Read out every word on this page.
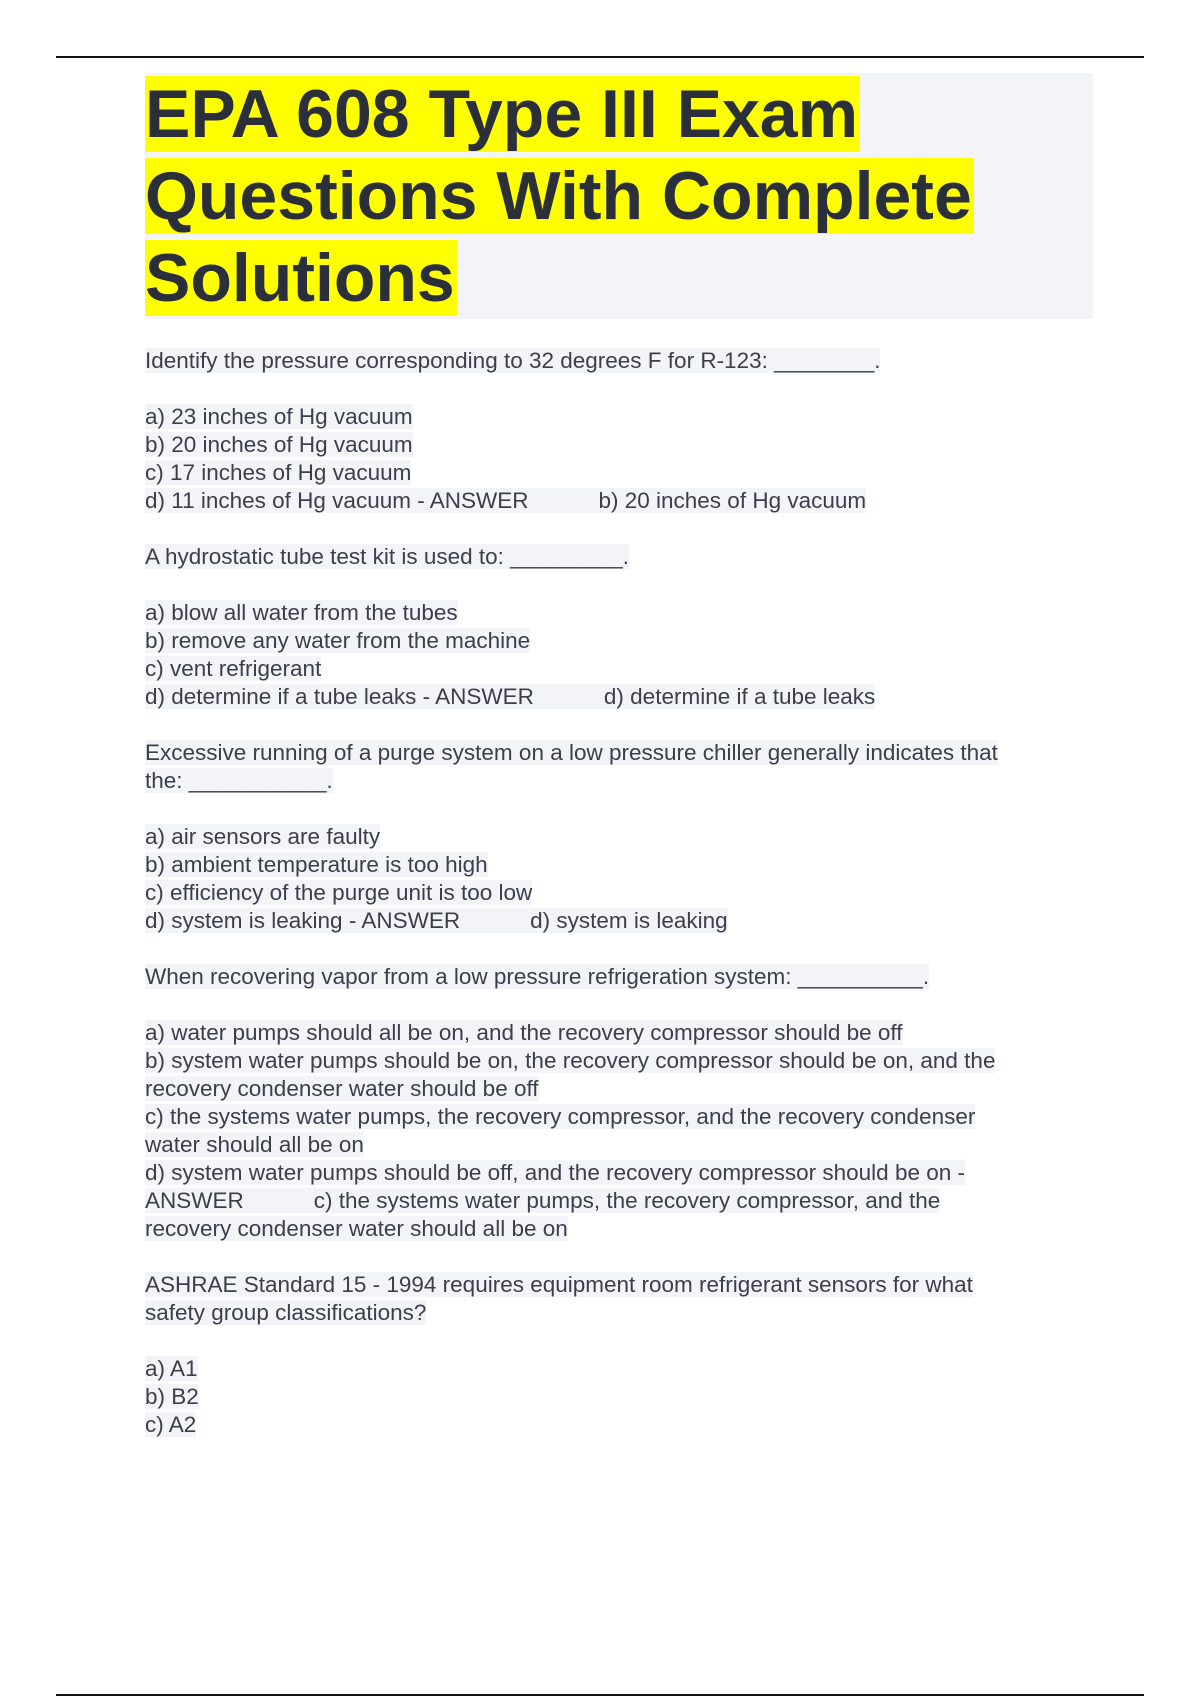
EPA 608 Type III Exam Questions With Complete Solutions
Identify the pressure corresponding to 32 degrees F for R-123: ________.
a) 23 inches of Hg vacuum
b) 20 inches of Hg vacuum
c) 17 inches of Hg vacuum
d) 11 inches of Hg vacuum - ANSWER	b) 20 inches of Hg vacuum
A hydrostatic tube test kit is used to: _________.
a) blow all water from the tubes
b) remove any water from the machine
c) vent refrigerant
d) determine if a tube leaks - ANSWER	d) determine if a tube leaks
Excessive running of a purge system on a low pressure chiller generally indicates that
the: ___________.
a) air sensors are faulty
b) ambient temperature is too high
c) efficiency of the purge unit is too low
d) system is leaking - ANSWER	d) system is leaking
When recovering vapor from a low pressure refrigeration system: __________.
a) water pumps should all be on, and the recovery compressor should be off
b) system water pumps should be on, the recovery compressor should be on, and the
recovery condenser water should be off
c) the systems water pumps, the recovery compressor, and the recovery condenser
water should all be on
d) system water pumps should be off, and the recovery compressor should be on -
ANSWER	c) the systems water pumps, the recovery compressor, and the
recovery condenser water should all be on
ASHRAE Standard 15 - 1994 requires equipment room refrigerant sensors for what
safety group classifications?
a) A1
b) B2
c) A2
